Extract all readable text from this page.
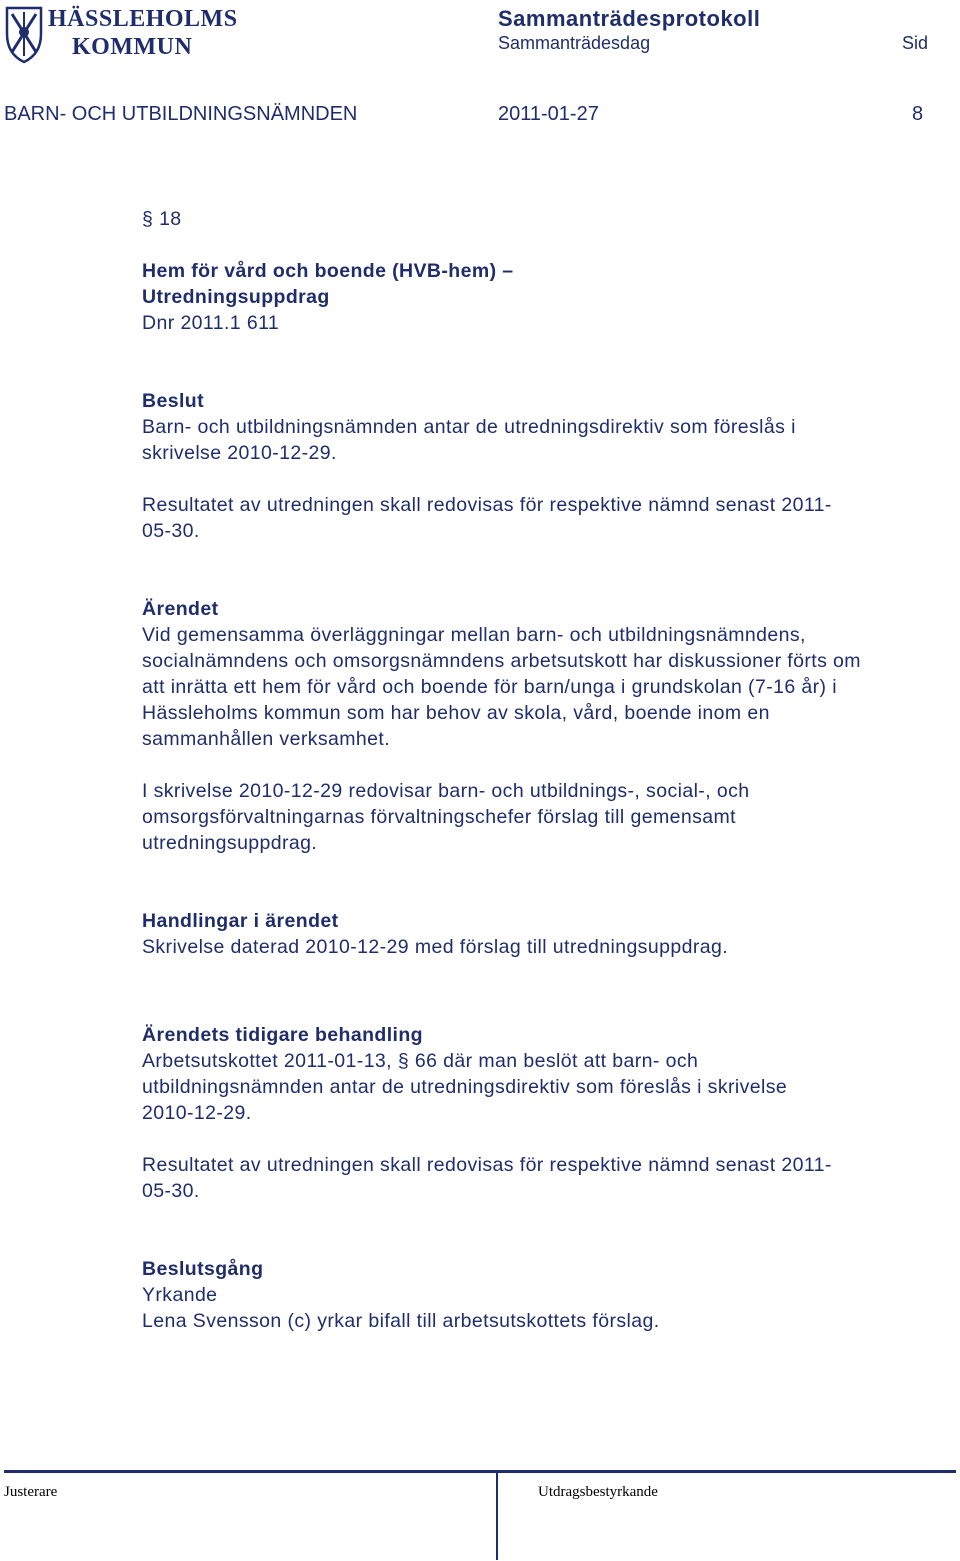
HÄSSLEHOLMS
KOMMUN
Sammanträdesprotokoll
Sammanträdesdag	Sid
BARN- OCH UTBILDNINGSNÄMNDEN	2011-01-27	8

§ 18

Hem för vård och boende (HVB-hem) –

Utredningsuppdrag

Dnr 2011.1 611

Beslut

Barn- och utbildningsnämnden antar de utredningsdirektiv som föreslås i skrivelse 2010-12-29.

Resultatet av utredningen skall redovisas för respektive nämnd senast 2011-05-30.

Ärendet

Vid gemensamma överläggningar mellan barn- och utbildningsnämndens, socialnämndens och omsorgsnämndens arbetsutskott har diskussioner förts om att inrätta ett hem för vård och boende för barn/unga i grundskolan (7-16 år) i Hässleholms kommun som har behov av skola, vård, boende inom en sammanhållen verksamhet.

I skrivelse 2010-12-29 redovisar barn- och utbildnings-, social-, och omsorgsförvaltningarnas förvaltningschefer förslag till gemensamt utredningsuppdrag.

Handlingar i ärendet

Skrivelse daterad 2010-12-29 med förslag till utredningsuppdrag.

Ärendets tidigare behandling

Arbetsutskottet 2011-01-13, § 66 där man beslöt att barn- och utbildningsnämnden antar de utredningsdirektiv som föreslås i skrivelse 2010-12-29.

Resultatet av utredningen skall redovisas för respektive nämnd senast 2011-05-30.

Beslutsgång

Yrkande

Lena Svensson (c) yrkar bifall till arbetsutskottets förslag.

Justerare	Utdragsbestyrkande
